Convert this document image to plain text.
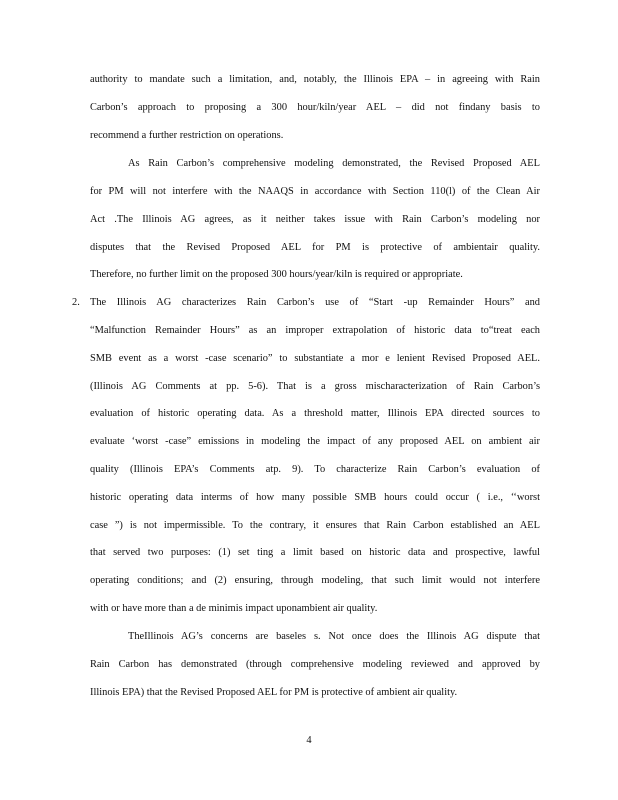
authority to mandate such a limitation, and, notably, the Illinois EPA – in agreeing with Rain
Carbon’s approach to proposing a 300 hour/kiln/year AEL – did not findany basis to
recommend a further restriction on operations.
As Rain Carbon’s comprehensive modeling demonstrated, the Revised Proposed AEL
for PM will not interfere with the NAAQS in accordance with Section 110(l) of the Clean Air
Act .The Illinois AG agrees, as it neither takes issue with Rain Carbon’s modeling nor
disputes that the Revised Proposed AEL for PM is protective of ambientair quality.
Therefore, no further limit on the proposed 300 hours/year/kiln is required or appropriate.
2. The Illinois AG characterizes Rain Carbon’s use of “Start -up Remainder Hours” and
“Malfunction Remainder Hours” as an improper extrapolation of historic data to“treat each
SMB event as a worst -case scenario” to substantiate a mor e lenient Revised Proposed AEL.
(Illinois AG Comments at pp. 5-6). That is a gross mischaracterization of Rain Carbon’s
evaluation of historic operating data. As a threshold matter, Illinois EPA directed sources to
evaluate ‘worst -case” emissions in modeling the impact of any proposed AEL on ambient air
quality (Illinois EPA’s Comments atp. 9). To characterize Rain Carbon’s evaluation of
historic operating data interms of how many possible SMB hours could occur ( i.e., ‘‘worst
case ”) is not impermissible. To the contrary, it ensures that Rain Carbon established an AEL
that served two purposes: (1) set ting a limit based on historic data and prospective, lawful
operating conditions; and (2) ensuring, through modeling, that such limit would not interfere
with or have more than a de minimis impact uponambient air quality.
TheIllinois AG’s concerns are baseles s. Not once does the Illinois AG dispute that
Rain Carbon has demonstrated (through comprehensive modeling reviewed and approved by
Illinois EPA) that the Revised Proposed AEL for PM is protective of ambient air quality.
4
